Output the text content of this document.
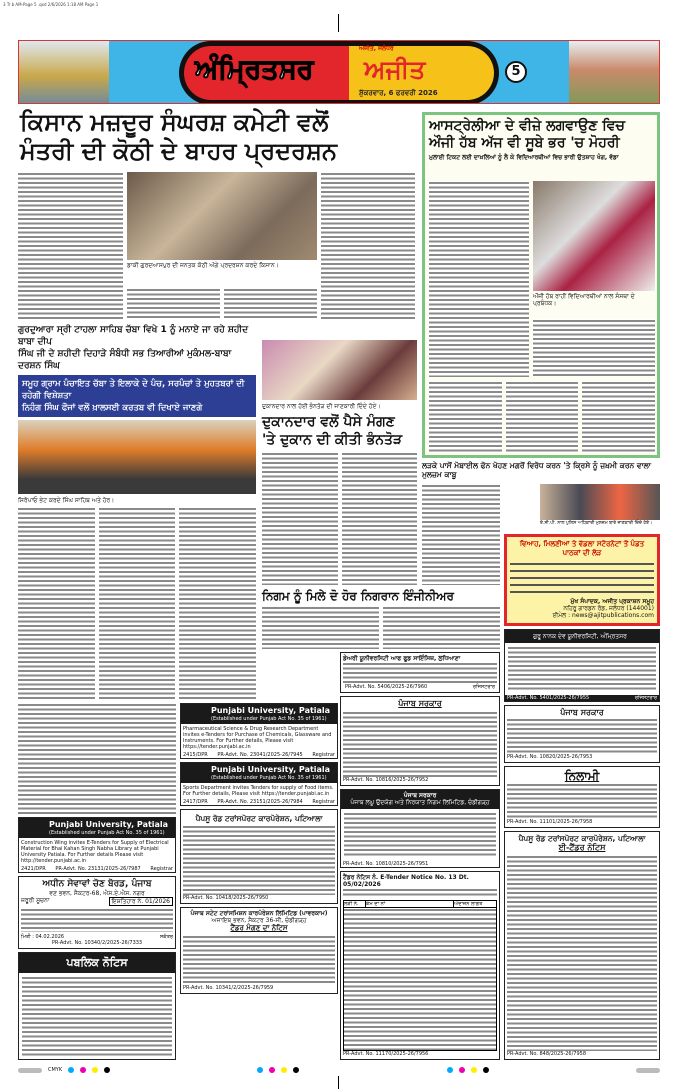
3 Tr b AM-Page 5 .qxd 2/6/2026 1:18 AM Page 1
ਅੰਮ੍ਰਿਤਸਰ
ਅਜੀਤ, ਜਲੰਧਰ
ਅਜੀਤ
ਸ਼ੁੱਕਰਵਾਰ, 6 ਫਰਵਰੀ 2026
5
ਕਿਸਾਨ ਮਜ਼ਦੂਰ ਸੰਘਰਸ਼ ਕਮੇਟੀ ਵਲੋਂ
ਮੰਤਰੀ ਦੀ ਕੋਠੀ ਦੇ ਬਾਹਰ ਪ੍ਰਦਰਸ਼ਨ
ਡਾਕੀ ਗੁਰਦਆਸਪੁਰ ਦੀ ਜਨਤਕ ਕੋਠੀ ਅੱਗੇ ਪ੍ਰਦਰਸ਼ਨ ਕਰਦੇ ਕਿਸਾਨ।
ਆਸਟ੍ਰੇਲੀਆ ਦੇ ਵੀਜ਼ੇ ਲਗਵਾਉਣ ਵਿਚ
ਔਜੀ ਹੱਬ ਅੱਜ ਵੀ ਸੂਬੇ ਭਰ 'ਚ ਮੋਹਰੀ
ਮੁਲਾਈ ਟਿਕਟ ਲਈ ਦਾਖ਼ਲਿਆਂ ਨੂੰ ਲੈ ਕੇ ਵਿਦਿਆਰਥੀਆਂ ਵਿਚ ਭਾਰੀ ਉਤਸ਼ਾਹ ਖੰਗ, ਵੱਡਾ
ਔਜੀ ਹੱਬ ਰਾਹੀਂ ਵਿਦਿਆਰਥੀਆਂ ਨਾਲ ਸੰਸਥਾ ਦੇ ਪ੍ਰਬੰਧਕ।
ਗੁਰਦੁਆਰਾ ਸ੍ਰੀ ਟਾਹਲਾ ਸਾਹਿਬ ਚੱਬਾ ਵਿਖੇ 1 ਨੂੰ ਮਨਾਏ ਜਾ ਰਹੇ ਸ਼ਹੀਦ ਬਾਬਾ ਦੀਪ
ਸਿੰਘ ਜੀ ਦੇ ਸ਼ਹੀਦੀ ਦਿਹਾੜੇ ਸੰਬੰਧੀ ਸਭ ਤਿਆਰੀਆਂ ਮੁਕੰਮਲ-ਬਾਬਾ ਦਰਸ਼ਨ ਸਿੰਘ
ਸਮੂਹ ਗ੍ਰਾਮ ਪੰਚਾਇਤ ਚੱਬਾ ਤੇ ਇਲਾਕੇ ਦੇ ਪੰਚ, ਸਰਪੰਚਾਂ ਤੇ ਮੁਹਤਬਰਾਂ ਦੀ ਰਹੇਗੀ ਵਿਸ਼ੇਸ਼ਤਾ
ਨਿਹੰਗ ਸਿੰਘ ਫੌਜਾਂ ਵਲੋਂ ਖ਼ਾਲਸਈ ਕਰਤਬ ਵੀ ਦਿਖਾਏ ਜਾਣਗੇ
ਸਿਰੋਪਾਓ ਭੇਟ ਕਰਦੇ ਸਿੰਘ ਸਾਹਿਬ ਅਤੇ ਹੋਰ।
ਦੁਕਾਨਦਾਰ ਨਾਲ ਹੋਈ ਭੰਨਤੋੜ ਦੀ ਜਾਣਕਾਰੀ ਦਿੰਦੇ ਹੋਏ।
ਦੁਕਾਨਦਾਰ ਵਲੋਂ ਪੈਸੇ ਮੰਗਣ
'ਤੇ ਦੁਕਾਨ ਦੀ ਕੀਤੀ ਭੰਨਤੋੜ
ਲੜਕੇ ਪਾਸੋਂ ਮੋਬਾਈਲ ਫੋਨ ਖੋਹਣ ਮਗਰੋਂ ਵਿਰੋਧ ਕਰਨ 'ਤੇ ਕ੍ਰਿਸੇ ਨੂੰ ਜ਼ਖ਼ਮੀ ਕਰਨ ਵਾਲਾ ਮੁਲਜ਼ਮ ਕਾਬੂ
ਏ.ਸੀ.ਪੀ. ਨਾਲ ਪੁਲਿਸ ਅਧਿਕਾਰੀ ਮੁਲਜ਼ਮ ਬਾਰੇ ਜਾਣਕਾਰੀ ਦਿੰਦੇ ਹੋਏ।
ਨਿਗਮ ਨੂੰ ਮਿਲੇ ਦੋ ਹੋਰ ਨਿਗਰਾਨ ਇੰਜੀਨੀਅਰ
Punjabi University, Patiala
(Established under Punjab Act No. 35 of 1961)
Construction Wing invites E-Tenders for Supply of Electrical Material for Bhai Kahan Singh Nabha Library at Punjabi University Patiala. For Further details Please visit http://tender.punjabi.ac.in
2421/DPR PR-Advt. No. 23131/2025-26/7987 Registrar
ਅਧੀਨ ਸੇਵਾਵਾਂ ਚੋਣ ਬੋਰਡ, ਪੰਜਾਬ
ਵਣ ਭਵਨ, ਸੈਕਟਰ-68, ਐਸ.ਏ.ਐਸ. ਨਗਰ
ਜ਼ਰੂਰੀ ਸੂਚਨਾ	ਇਸ਼ਤਿਹਾਰ ਨੰ. 01/2026
ਮਿਤੀ : 04.02.2026	ਸਕੱਤਰ
PR-Advt. No. 10340/2/2025-26/7333
ਪਬਲਿਕ ਨੋਟਿਸ
Punjabi University, Patiala
(Established under Punjab Act No. 35 of 1961)
Pharmaceutical Science & Drug Research Department invites e-Tenders for Purchase of Chemicals, Glassware and Instruments. For Further details, Please visit https://tender.punjabi.ac.in
2415/DPR PR-Advt. No. 23041/2025-26/7945 Registrar
Punjabi University, Patiala
(Established under Punjab Act No. 35 of 1961)
Sports Department invites Tenders for supply of Food items. For Further details, Please visit https://tender.punjabi.ac.in
2417/DPR PR-Advt. No. 23151/2025-26/7984 Registrar
ਪੈਪਸੂ ਰੋਡ ਟਰਾਂਸਪੋਰਟ ਕਾਰਪੋਰੇਸ਼ਨ, ਪਟਿਆਲਾ
PR-Advt. No. 10418/2025-26/7950
ਪੰਜਾਬ ਸਟੇਟ ਟਰਾਂਸਮਿਸ਼ਨ ਕਾਰਪੋਰੇਸ਼ਨ ਲਿਮਿਟਿਡ (ਪਾਵਰਕਾਮ)
ਅਜਾਇਬ ਭਵਨ, ਸੈਕਟਰ 36-ਸੀ, ਚੰਡੀਗੜ੍ਹ
ਟੈਂਡਰ ਮੰਗਣ ਦਾ ਨੋਟਿਸ
PR-Advt. No. 10341/2/2025-26/7959
ਡੇਅਰੀ ਯੂਨੀਵਰਸਿਟੀ ਆਫ ਫੂਡ ਸਾਇੰਸਿਜ਼, ਲੁਧਿਆਣਾ
PR-Advt. No. 5406/2025-26/7960	ਰਜਿਸਟਰਾਰ
ਪੰਜਾਬ ਸਰਕਾਰ
PR-Advt. No. 10816/2025-26/7952
ਪੰਜਾਬ ਸਰਕਾਰ
ਪੰਜਾਬ ਲਘੂ ਉਦਯੋਗ ਅਤੇ ਨਿਰਯਾਤ ਨਿਗਮ ਲਿਮਿਟਿਡ, ਚੰਡੀਗੜ੍ਹ
PR-Advt. No. 10810/2025-26/7951
ਟੈਂਡਰ ਨੋਟਿਸ ਨੰ. E-Tender Notice No. 13 Dt. 05/02/2026
ਲੜੀ ਨੰ.	ਕੰਮ ਦਾ ਨਾਂ	ਅੰਦਾਜ਼ਨ ਲਾਗਤ
PR-Advt. No. 11170/2025-26/7956
ਵਿਆਹ, ਮਿਲਣੀਆਂ ਤੇ ਵੱਡਲਾ ਸਟੋਰਨੋਟਾਂ ਤੋਂ ਪੰਡਤ ਪਾਠਕਾਂ ਦੀ ਲੋੜ
ਮੁੱਖ ਸੰਪਾਦਕ, ਅਜੀਤ ਪ੍ਰਕਾਸ਼ਨ ਸਮੂਹ
ਨਹਿਰੂ ਗਾਰਡਨ ਰੋਡ, ਜਲੰਧਰ (144001)
ਈਮੇਲ : news@ajitpublications.com
ਗੁਰੂ ਨਾਨਕ ਦੇਵ ਯੂਨੀਵਰਸਿਟੀ, ਅੰਮ੍ਰਿਤਸਰ
PR-Advt. No. 5401/2025-26/7955	ਰਜਿਸਟਰਾਰ
ਪੰਜਾਬ ਸਰਕਾਰ
PR-Advt. No. 10820/2025-26/7953
ਨਿਲਾਮੀ
PR-Advt. No. 11101/2025-26/7958
ਪੈਪਸੂ ਰੋਡ ਟਰਾਂਸਪੋਰਟ ਕਾਰਪੋਰੇਸ਼ਨ, ਪਟਿਆਲਾ
ਈ-ਟੈਂਡਰ ਨੋਟਿਸ
PR-Advt. No. 848/2025-26/7958
CMYK
